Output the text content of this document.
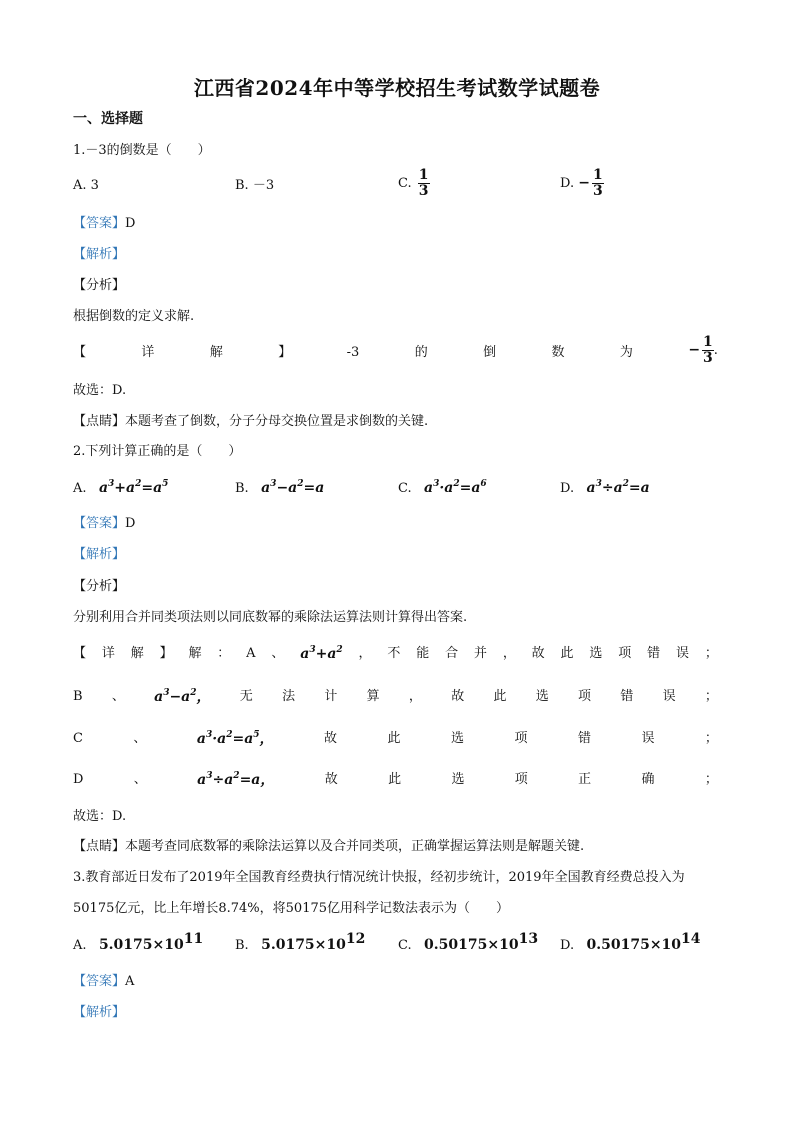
江西省2024年中等学校招生考试数学试题卷
一、选择题
1.－3的倒数是（　　）
A. 3	B. －3	C. $\frac{1}{3}$	D. − $\frac{1}{3}$
【答案】D
【解析】
【分析】
根据倒数的定义求解.
【	详	解	】	-3	的	倒	数	为	− $\frac{1}{3}$ .
故选：D.
【点睛】本题考查了倒数，分子分母交换位置是求倒数的关键.
2.下列计算正确的是（　　）
A. $a^3+a^2=a^5$	B. $a^3-a^2=a$	C. $a^3\cdot a^2=a^6$	D. $a^3\div a^2=a$
【答案】D
【解析】
【分析】
分别利用合并同类项法则以同底数幂的乘除法运算法则计算得出答案.
【 详 解 】 解 ： A 、 $a^3+a^2$ ， 不 能 合 并 ， 故 此 选 项 错 误 ；
B 、 $a^3-a^2$， 无 法 计 算 ， 故 此 选 项 错 误 ；
C	、	$a^3\cdot a^2=a^5$，	故	此	选	项	错	误	；
D	、	$a^3\div a^2=a$，	故	此	选	项	正	确	；
故选：D.
【点睛】本题考查同底数幂的乘除法运算以及合并同类项，正确掌握运算法则是解题关键.
3.教育部近日发布了2019年全国教育经费执行情况统计快报，经初步统计，2019年全国教育经费总投入为
50175亿元，比上年增长8.74%，将50175亿用科学记数法表示为（　　）
A. $5.0175\times 10^{11}$ B. $5.0175\times 10^{12}$	C. $0.50175\times 10^{13}$ D. $0.50175\times 10^{14}$
【答案】A
【解析】
